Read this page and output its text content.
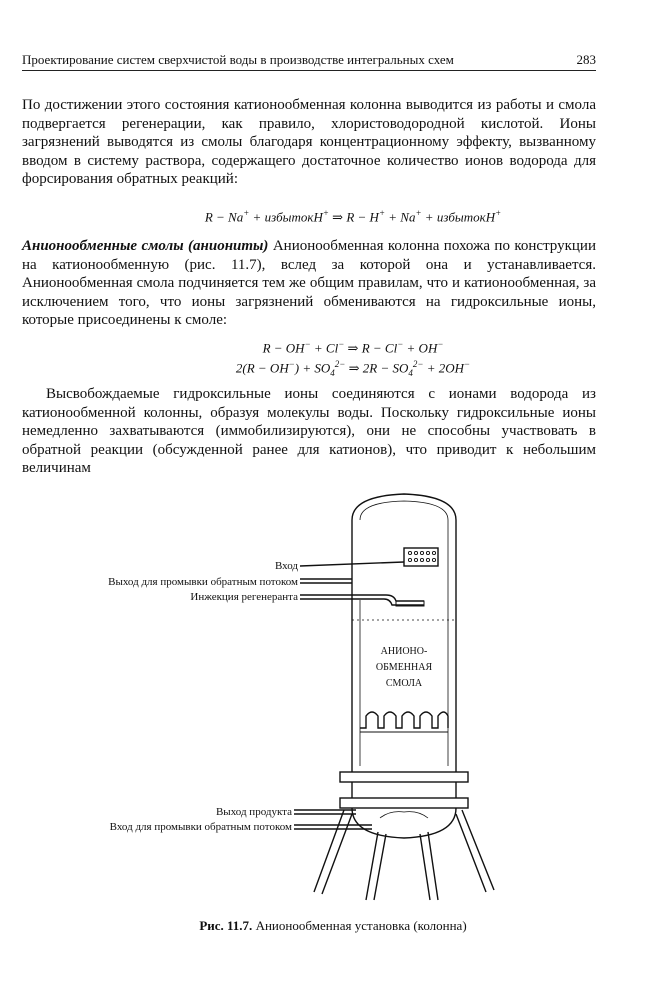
Проектирование систем сверхчистой воды в производстве интегральных схем	283

По достижении этого состояния катионообменная колонна выводится из работы и смола подвергается регенерации, как правило, хлористоводородной кислотой. Ионы загрязнений выводятся из смолы благодаря концентрационному эффекту, вызванному вводом в систему раствора, содержащего достаточное количество ионов водорода для форсирования обратных реакций:

R − Na+ + избытокH+ ⇒ R − H+ + Na+ + избытокH+

Анионообменные смолы (аниониты) Анионообменная колонна похожа по конструкции на катионообменную (рис. 11.7), вслед за которой она и устанавливается. Анионообменная смола подчиняется тем же общим правилам, что и катионообменная, за исключением того, что ионы загрязнений обмениваются на гидроксильные ионы, которые присоединены к смоле:

R − OH− + Cl− ⇒ R − Cl− + OH−
$2(R - OH^-) + SO_4^{2-}$ ⇒ $2R - SO_4^{2-} + 2OH^-$

Высвобождаемые гидроксильные ионы соединяются с ионами водорода из катионообменной колонны, образуя молекулы воды. Поскольку гидроксильные ионы немедленно захватываются (иммобилизируются), они не способны участвовать в обратной реакции (обсужденной ранее для катионов), что приводит к небольшим величинам

АНИОНО-
ОБМЕННАЯ
СМОЛА
Вход
Выход для промывки обратным потоком
Инжекция регенеранта
Выход продукта
Вход для промывки обратным потоком
Рис. 11.7. Анионообменная установка (колонна)
